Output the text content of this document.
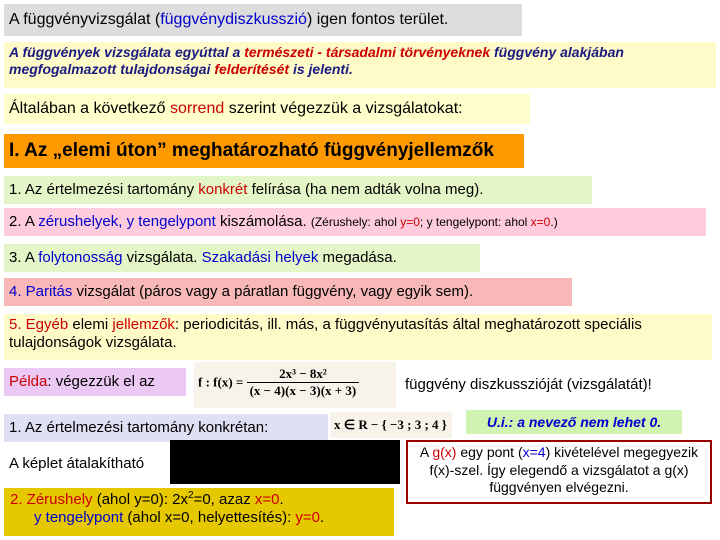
A függvényvizsgálat (függvénydiszkusszió) igen fontos terület.
A függvények vizsgálata egyúttal a természeti - társadalmi törvényeknek függvény alakjában megfogalmazott tulajdonságai felderítését is jelenti.
Általában a következő sorrend szerint végezzük a vizsgálatokat:
I. Az „elemi úton” meghatározható függvényjellemzők
1. Az értelmezési tartomány konkrét felírása (ha nem adták volna meg).
2. A zérushelyek, y tengelypont kiszámolása. (Zérushely: ahol y=0; y tengelypont: ahol x=0.)
3. A folytonosság vizsgálata. Szakadási helyek megadása.
4. Paritás vizsgálat (páros vagy a páratlan függvény, vagy egyik sem).
5. Egyéb elemi jellemzők: periodicitás, ill. más, a függvényutasítás által meghatározott speciális tulajdonságok vizsgálata.
Példa: végezzük el az	f : $f(x) = \frac{\text{2x³ − 8x²}}{(x - 4)(x - 3)(x + 3)}$	függvény diszkusszióját (vizsgálatát)!
1. Az értelmezési tartomány konkrétan:	x ∈ R − { −3 ; 3 ; 4 }	U.i.: a nevező nem lehet 0.
A képlet átalakítható
A g(x) egy pont (x=4) kivételével megegyezik f(x)-szel. Így elegendő a vizsgálatot a g(x) függvényen elvégezni.
2. Zérushely (ahol y=0): $2x^2=0$, azaz x=0.
y tengelypont (ahol x=0, helyettesítés): y=0.
